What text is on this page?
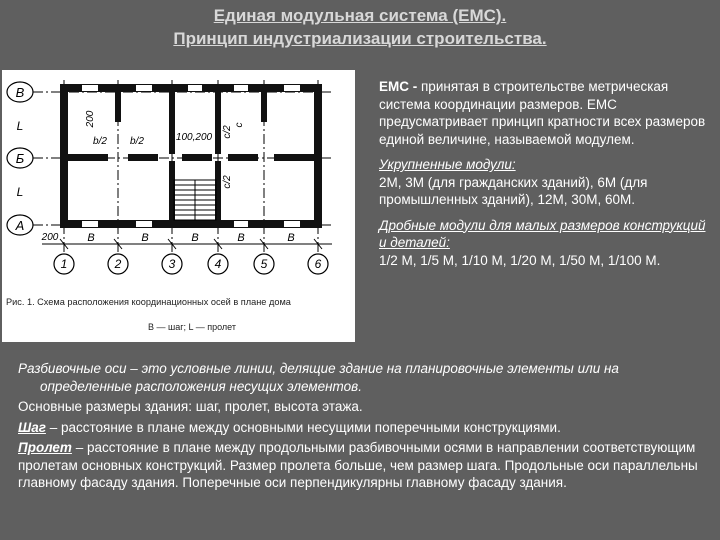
Единая модульная система (ЕМС).
Принцип индустриализации строительства.
В
Б
А
L
L
200
b/2 b/2	100,200 c/2
c
c/2
200	B	B	B	B	B
1	2	3	4	5	6
Рис. 1. Схема расположения координационных осей в плане домa
В — шаг; L — пролет

ЕМС - принятая в строительстве метрическая система координации размеров. ЕМС предусматривает принцип кратности всех размеров единой величине, называемой модулем.

Укрупненные модули:
2М, 3М (для гражданских зданий), 6М (для промышленных зданий), 12М, 30М, 60М.

Дробные модули для малых размеров конструкций и деталей:
1/2 М, 1/5 М, 1/10 М, 1/20 М, 1/50 М, 1/100 М.

Разбивочные оси – это условные линии, делящие здание на планировочные элементы или на определенные расположения несущих элементов.

Основные размеры здания: шаг, пролет, высота этажа.

Шаг – расстояние в плане между основными несущими поперечными конструкциями.

Пролет – расстояние в плане между продольными разбивочными осями в направлении соответствующим пролетам основных конструкций. Размер пролета больше, чем размер шага. Продольные оси параллельны главному фасаду здания. Поперечные оси перпендикулярны главному фасаду здания.
